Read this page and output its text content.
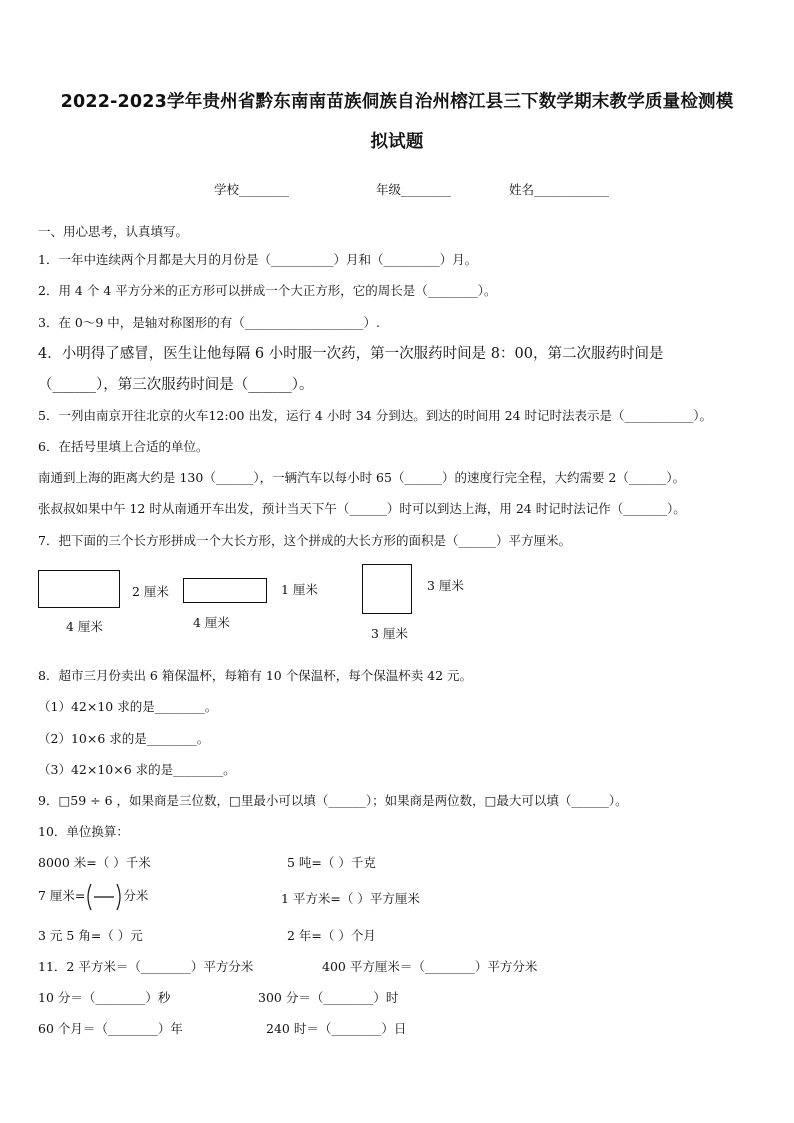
2022-2023学年贵州省黔东南南苗族侗族自治州榕江县三下数学期末教学质量检测模
拟试题
学校________	年级________	姓名____________
一、用心思考，认真填写。
1．一年中连续两个月都是大月的月份是（__________）月和（_________）月。
2．用 4 个 4 平方分米的正方形可以拼成一个大正方形，它的周长是（________）。
3．在 0～9 中，是轴对称图形的有（___________________）.
4．小明得了感冒，医生让他每隔 6 小时服一次药，第一次服药时间是 8：00，第二次服药时间是
（______），第三次服药时间是（______）。
5．一列由南京开往北京的火车12:00 出发，运行 4 小时 34 分到达。到达的时间用 24 时记时法表示是（___________）。
6．在括号里填上合适的单位。
南通到上海的距离大约是 130（______），一辆汽车以每小时 65（______）的速度行完全程，大约需要 2（______）。
张叔叔如果中午 12 时从南通开车出发，预计当天下午（______）时可以到达上海，用 24 时记时法记作（_______）。
7．把下面的三个长方形拼成一个大长方形，这个拼成的大长方形的面积是（______）平方厘米。
2 厘米
4 厘米
1 厘米
4 厘米
3 厘米
3 厘米
8．超市三月份卖出 6 箱保温杯，每箱有 10 个保温杯，每个保温杯卖 42 元。
（1）42×10 求的是________。
（2）10×6 求的是________。
（3）42×10×6 求的是________。
9．□59 ÷ 6 ，如果商是三位数，□里最小可以填（______）；如果商是两位数，□最大可以填（______）。
10．单位换算：
8000 米=（ ）千米	5 吨=（ ）千克
7 厘米=	分米	1 平方米=（ ）平方厘米
3 元 5 角=（ ）元	2 年=（ ）个月
11．2 平方米＝（________）平方分米	400 平方厘米＝（________）平方分米
10 分＝（________）秒	300 分＝（________）时
60 个月＝（________）年	240 时＝（________）日
